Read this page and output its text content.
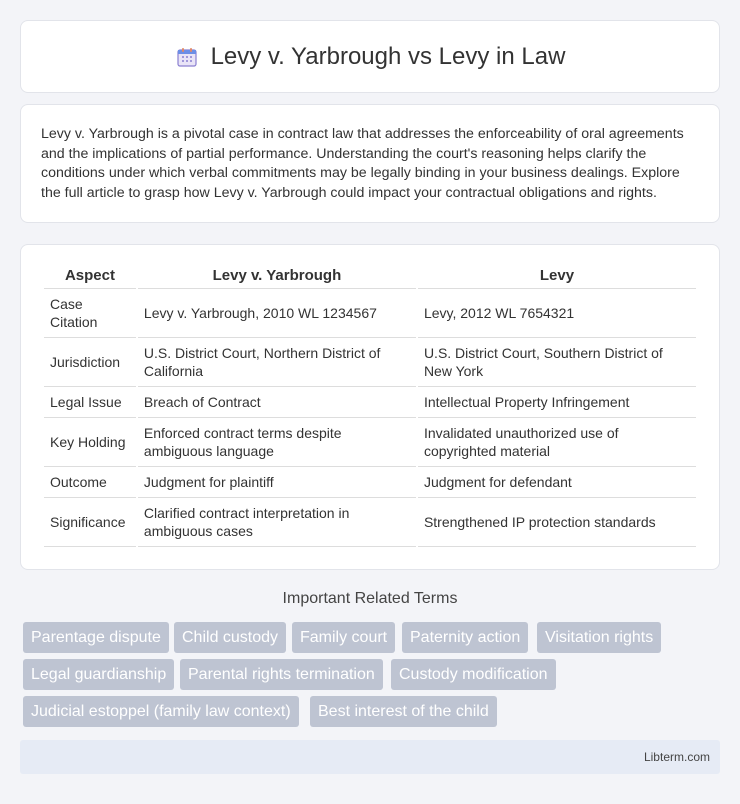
Levy v. Yarbrough vs Levy in Law

Levy v. Yarbrough is a pivotal case in contract law that addresses the enforceability of oral agreements and the implications of partial performance. Understanding the court's reasoning helps clarify the conditions under which verbal commitments may be legally binding in your business dealings. Explore the full article to grasp how Levy v. Yarbrough could impact your contractual obligations and rights.

Aspect	Levy v. Yarbrough	Levy
Case Citation	Levy v. Yarbrough, 2010 WL 1234567	Levy, 2012 WL 7654321
Jurisdiction	U.S. District Court, Northern District of California	U.S. District Court, Southern District of New York
Legal Issue	Breach of Contract	Intellectual Property Infringement
Key Holding	Enforced contract terms despite ambiguous language	Invalidated unauthorized use of copyrighted material
Outcome	Judgment for plaintiff	Judgment for defendant
Significance	Clarified contract interpretation in ambiguous cases	Strengthened IP protection standards
Important Related Terms
Parentage dispute	Child custody	Family court	Paternity action	Visitation rights
Legal guardianship	Parental rights termination	Custody modification
Judicial estoppel (family law context)	Best interest of the child
Libterm.com
